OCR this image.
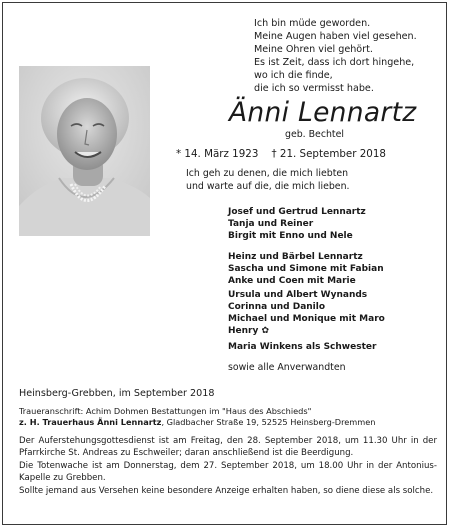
Ich bin müde geworden.
Meine Augen haben viel gesehen.
Meine Ohren viel gehört.
Es ist Zeit, dass ich dort hingehe,
wo ich die finde,
die ich so vermisst habe.
Änni Lennartz
geb. Bechtel
* 14. März 1923 † 21. September 2018
Ich geh zu denen, die mich liebten
und warte auf die, die mich lieben.
Josef und Gertrud Lennartz
Tanja und Reiner
Birgit mit Enno und Nele
Heinz und Bärbel Lennartz
Sascha und Simone mit Fabian
Anke und Coen mit Marie
Ursula und Albert Wynands
Corinna und Danilo
Michael und Monique mit Maro
Henry ✿
Maria Winkens als Schwester
sowie alle Anverwandten
Heinsberg-Grebben, im September 2018
Traueranschrift: Achim Dohmen Bestattungen im "Haus des Abschieds"
z. H. Trauerhaus Änni Lennartz, Gladbacher Straße 19, 52525 Heinsberg-Dremmen
Der Auferstehungsgottesdienst ist am Freitag, den 28. September 2018, um 11.30 Uhr in der Pfarrkirche St. Andreas zu Eschweiler; daran anschließend ist die Beerdigung.
Die Totenwache ist am Donnerstag, dem 27. September 2018, um 18.00 Uhr in der Antonius-Kapelle zu Grebben.
Sollte jemand aus Versehen keine besondere Anzeige erhalten haben, so diene diese als solche.
